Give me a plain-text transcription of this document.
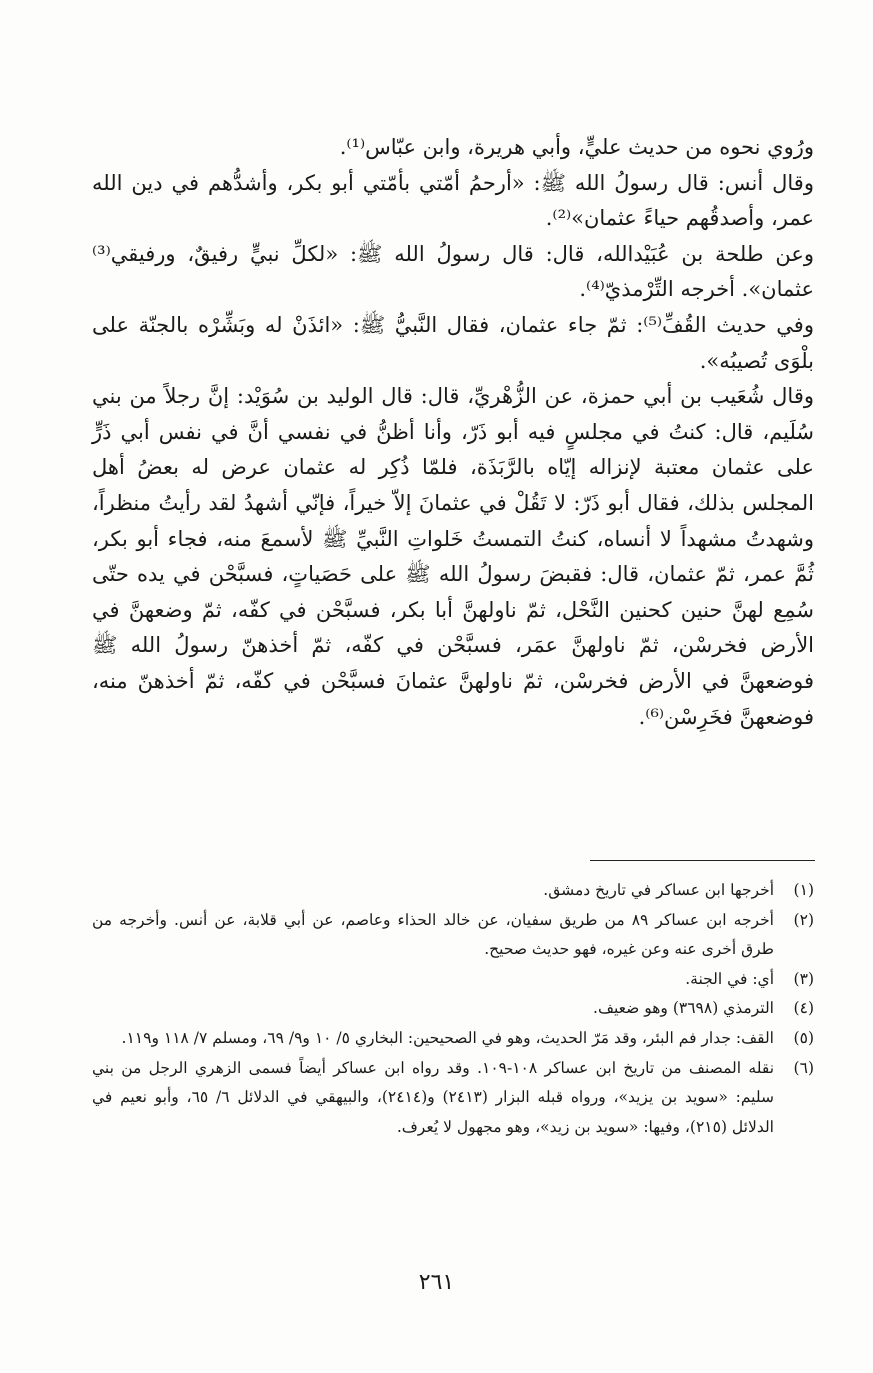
ورُوي نحوه من حديث عليٍّ، وأبي هريرة، وابن عبّاس⁽¹⁾.

وقال أنس: قال رسولُ الله ﷺ: «أرحمُ أمّتي بأمّتي أبو بكر، وأشدُّهم في دين الله عمر، وأصدقُهم حياءً عثمان»⁽²⁾.

وعن طلحة بن عُبَيْدالله، قال: قال رسولُ الله ﷺ: «لكلِّ نبيٍّ رفيقٌ، ورفيقي⁽³⁾ عثمان». أخرجه التِّرْمذيّ⁽⁴⁾.

وفي حديث القُفِّ⁽⁵⁾: ثمّ جاء عثمان، فقال النَّبيُّ ﷺ: «ائذَنْ له وبَشِّرْه بالجنّة على بلْوَى تُصيبُه».

وقال شُعَيب بن أبي حمزة، عن الزُّهْريِّ، قال: قال الوليد بن سُوَيْد: إنَّ رجلاً من بني سُلَيم، قال: كنتُ في مجلسٍ فيه أبو ذَرّ، وأنا أظنُّ في نفسي أنَّ في نفس أبي ذَرٍّ على عثمان معتبة لإنزاله إيّاه بالرَّبَذَة، فلمّا ذُكِر له عثمان عرض له بعضُ أهل المجلس بذلك، فقال أبو ذَرّ: لا تَقُلْ في عثمانَ إلاّ خيراً، فإنّي أشهدُ لقد رأيتُ منظراً، وشهدتُ مشهداً لا أنساه، كنتُ التمستُ خَلواتِ النَّبيِّ ﷺ لأسمعَ منه، فجاء أبو بكر، ثُمَّ عمر، ثمّ عثمان، قال: فقبضَ رسولُ الله ﷺ على حَصَياتٍ، فسبَّحْن في يده حتّى سُمِع لهنَّ حنين كحنين النَّحْل، ثمّ ناولهنَّ أبا بكر، فسبَّحْن في كفّه، ثمّ وضعهنَّ في الأرض فخرسْن، ثمّ ناولهنَّ عمَر، فسبَّحْن في كفّه، ثمّ أخذهنّ رسولُ الله ﷺ فوضعهنَّ في الأرض فخرسْن، ثمّ ناولهنَّ عثمانَ فسبَّحْن في كفّه، ثمّ أخذهنّ منه، فوضعهنَّ فخَرِسْن⁽⁶⁾.

(١)
أخرجها ابن عساكر في تاريخ دمشق.
(٢)
أخرجه ابن عساكر ٨٩ من طريق سفيان، عن خالد الحذاء وعاصم، عن أبي قلابة، عن أنس. وأخرجه من طرق أخرى عنه وعن غيره، فهو حديث صحيح.
(٣)
أي: في الجنة.
(٤)
الترمذي (٣٦٩٨) وهو ضعيف.
(٥)
القف: جدار فم البئر، وقد مَرّ الحديث، وهو في الصحيحين: البخاري ٥/ ١٠ و٩/ ٦٩، ومسلم ٧/ ١١٨ و١١٩.
(٦)
نقله المصنف من تاريخ ابن عساكر ١٠٨-١٠٩. وقد رواه ابن عساكر أيضاً فسمى الزهري الرجل من بني سليم: «سويد بن يزيد»، ورواه قبله البزار (٢٤١٣) و(٢٤١٤)، والبيهقي في الدلائل ٦/ ٦٥، وأبو نعيم في الدلائل (٢١٥)، وفيها: «سويد بن زيد»، وهو مجهول لا يُعرف.
٢٦١
